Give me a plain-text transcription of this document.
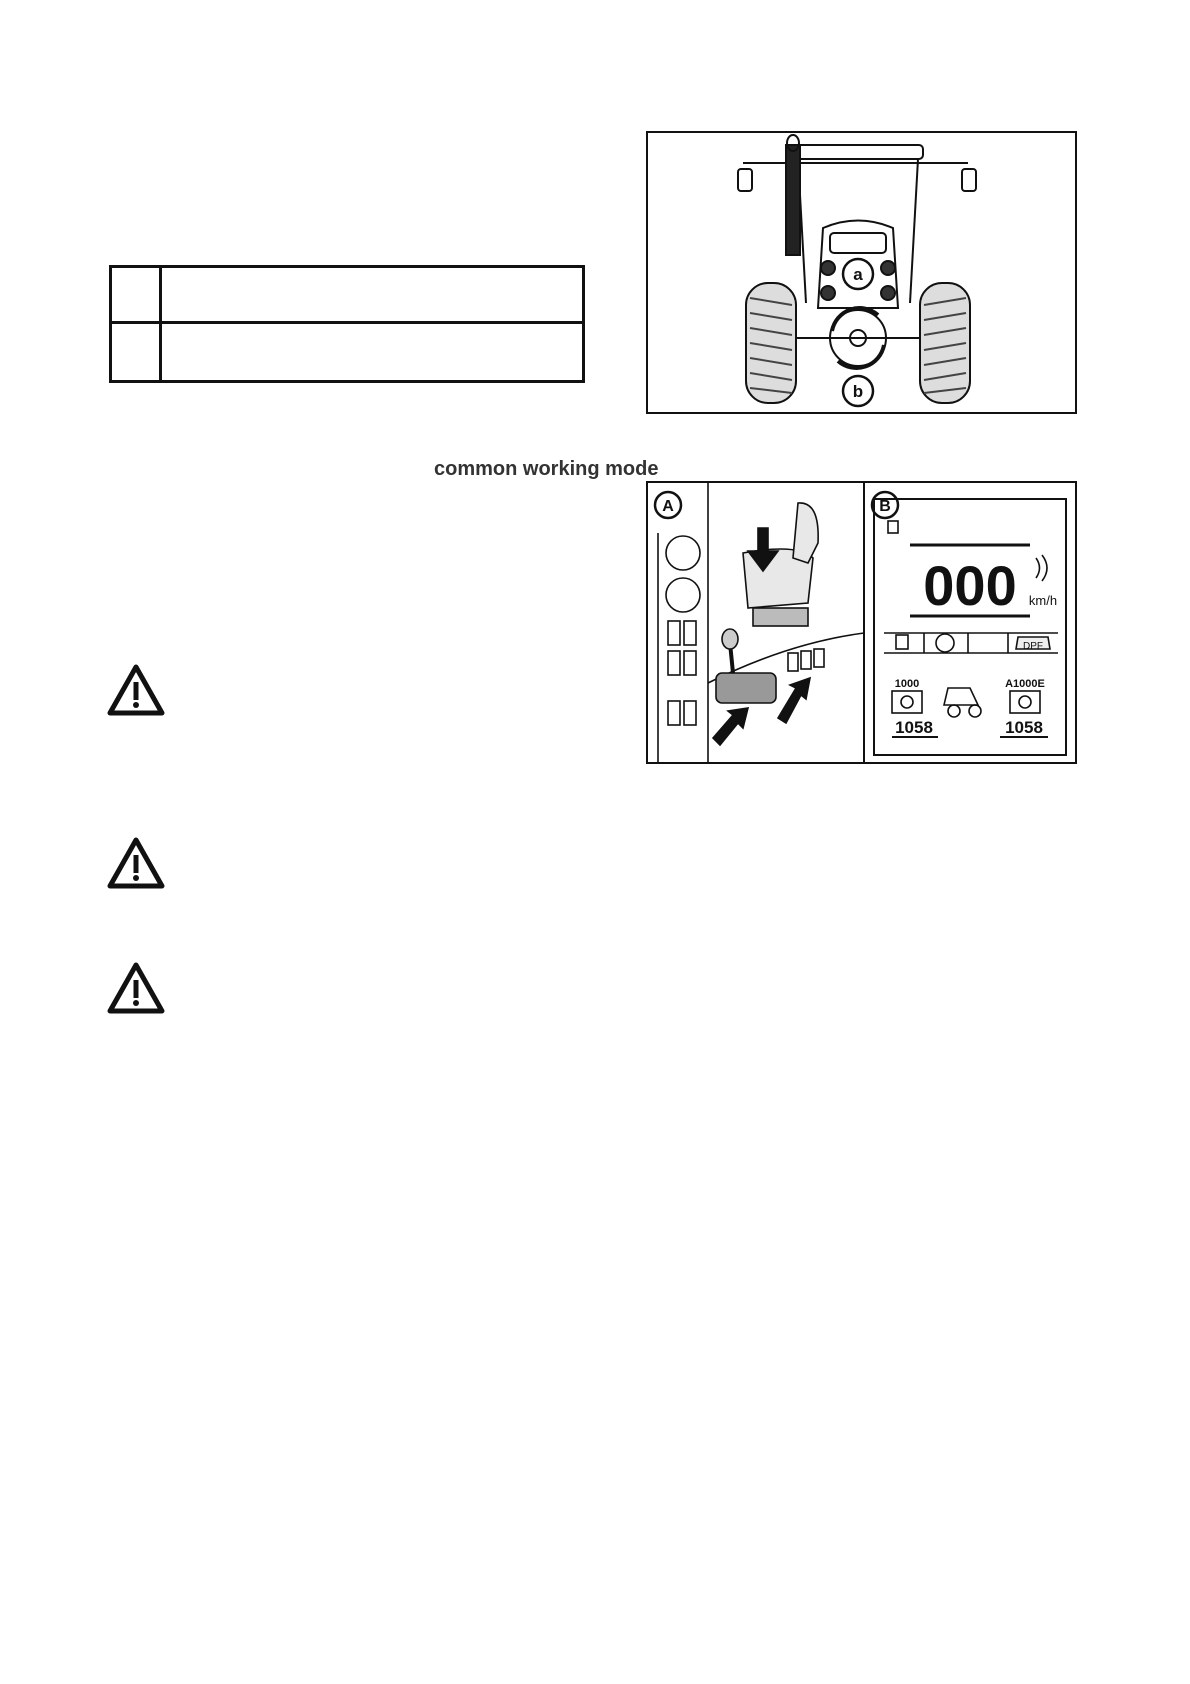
a
b
common working mode
A	B
000 km/h
DPF
1000	A1000E
1058	1058
